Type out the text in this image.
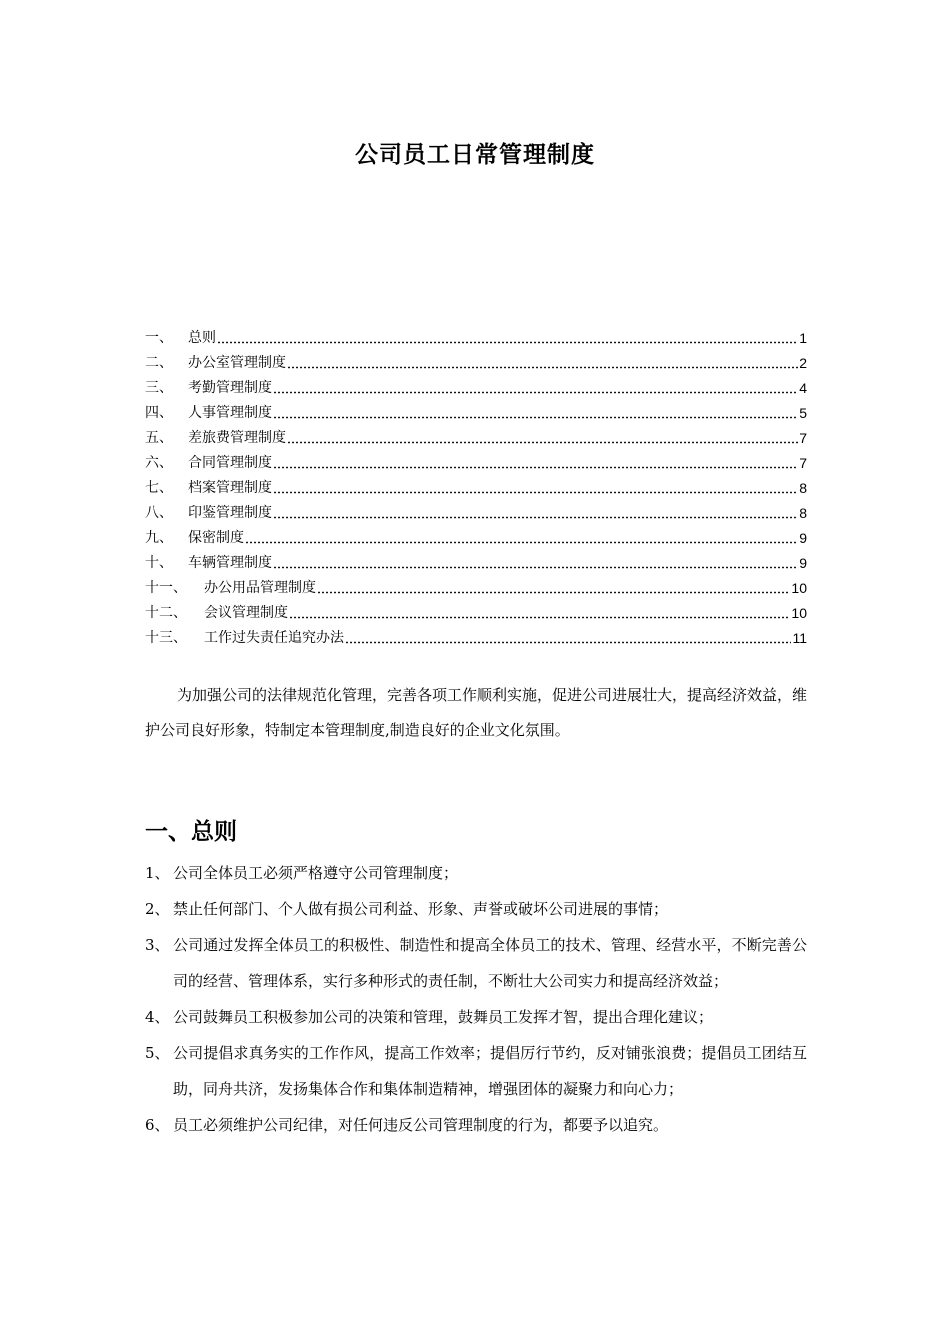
公司员工日常管理制度
一、	总则	1
二、	办公室管理制度	2
三、	考勤管理制度	4
四、	人事管理制度	5
五、	差旅费管理制度	7
六、	合同管理制度	7
七、	档案管理制度	8
八、	印鉴管理制度	8
九、	保密制度	9
十、	车辆管理制度	9
十一、	办公用品管理制度	10
十二、	会议管理制度	10
十三、	工作过失责任追究办法	11

为加强公司的法律规范化管理，完善各项工作顺利实施，促进公司进展壮大，提高经济效益，维护公司良好形象，特制定本管理制度,制造良好的企业文化氛围。

一、总则
1、 公司全体员工必须严格遵守公司管理制度；
2、 禁止任何部门、个人做有损公司利益、形象、声誉或破坏公司进展的事情；
3、 公司通过发挥全体员工的积极性、制造性和提高全体员工的技术、管理、经营水平，不断完善公司的经营、管理体系，实行多种形式的责任制，不断壮大公司实力和提高经济效益；
4、 公司鼓舞员工积极参加公司的决策和管理，鼓舞员工发挥才智，提出合理化建议；
5、 公司提倡求真务实的工作作风，提高工作效率；提倡厉行节约，反对铺张浪费；提倡员工团结互助，同舟共济，发扬集体合作和集体制造精神，增强团体的凝聚力和向心力；
6、 员工必须维护公司纪律，对任何违反公司管理制度的行为，都要予以追究。
